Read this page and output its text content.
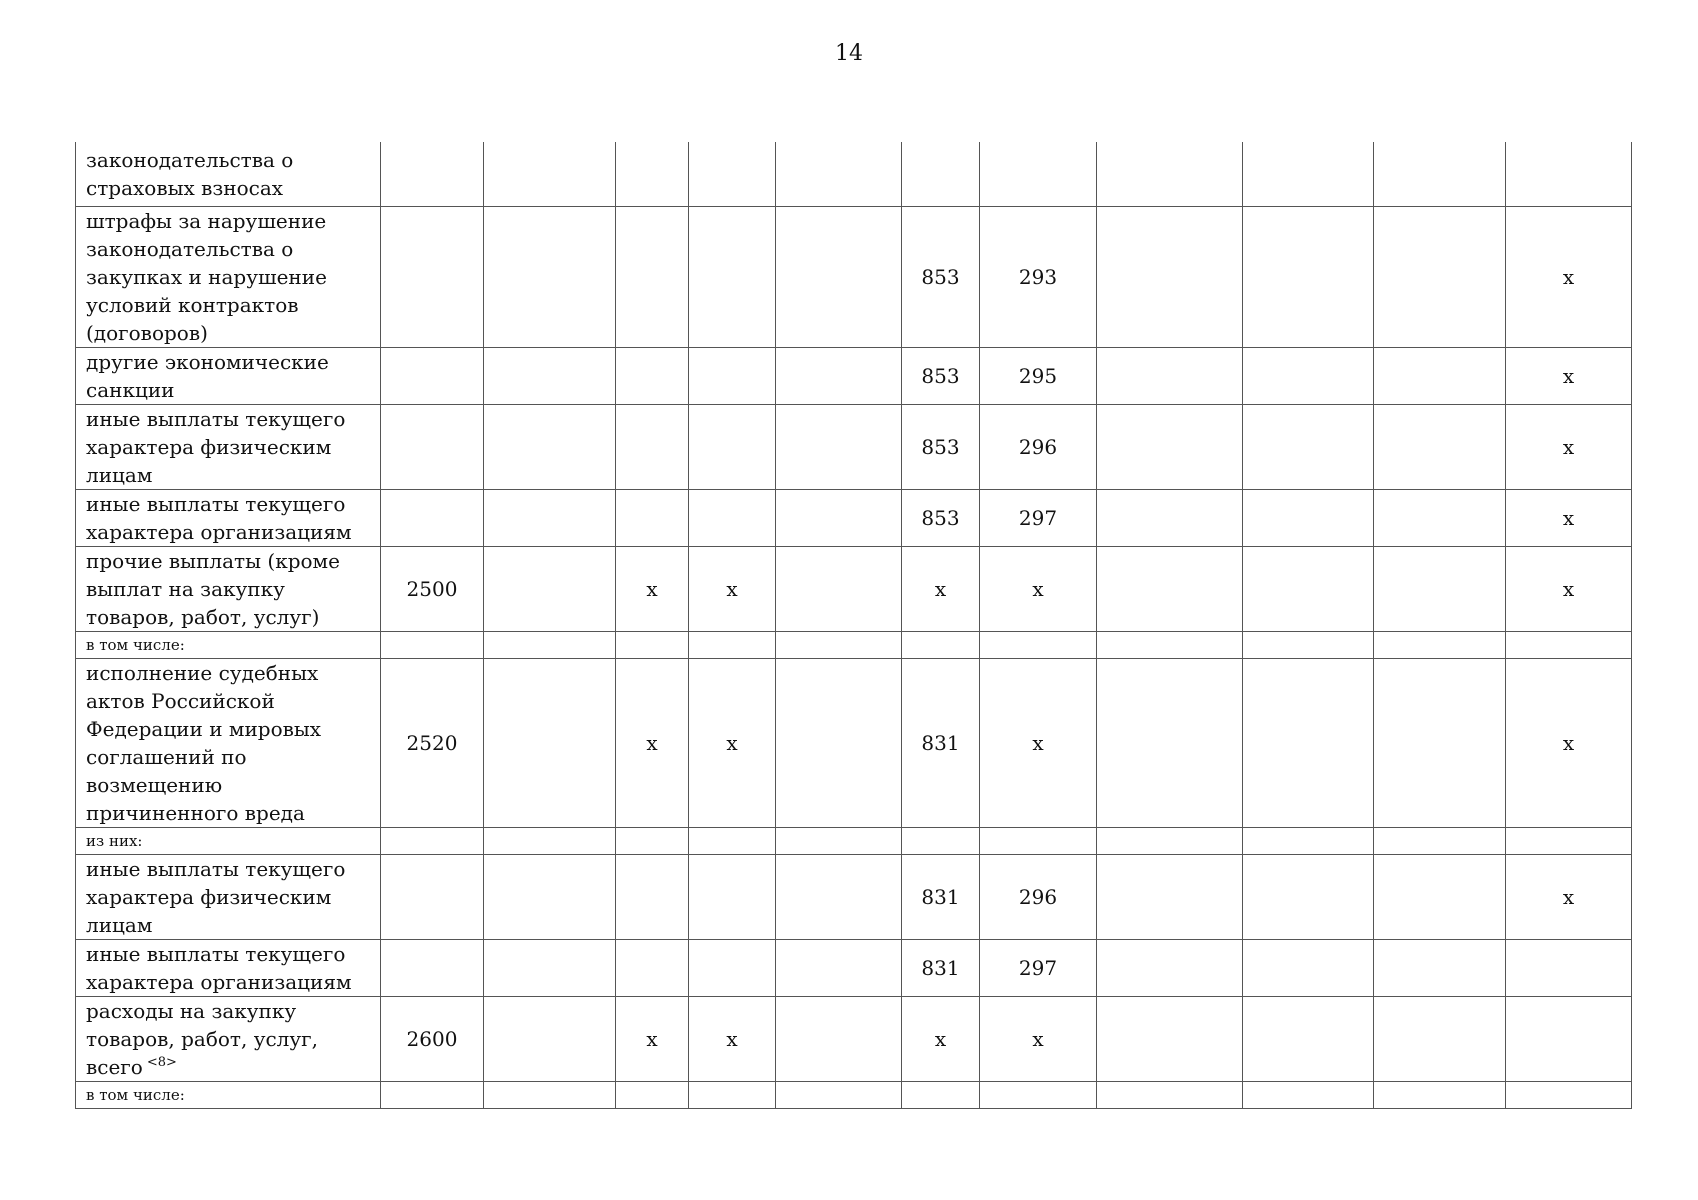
14
законодательства о страховых взносах											
штрафы за нарушение законодательства о закупках и нарушение условий контрактов (договоров)						853	293				х
другие экономические санкции						853	295				х
иные выплаты текущего характера физическим лицам						853	296				х
иные выплаты текущего характера организациям						853	297				х
прочие выплаты (кроме выплат на закупку товаров, работ, услуг)	2500		х	х		х	х				х
в том числе:											
исполнение судебных актов Российской Федерации и мировых соглашений по возмещению причиненного вреда	2520		х	х		831	х				х
из них:											
иные выплаты текущего характера физическим лицам						831	296				х
иные выплаты текущего характера организациям						831	297				
расходы на закупку товаров, работ, услуг, всего $^{<8>}$	2600		х	х		х	х				
в том числе:											
